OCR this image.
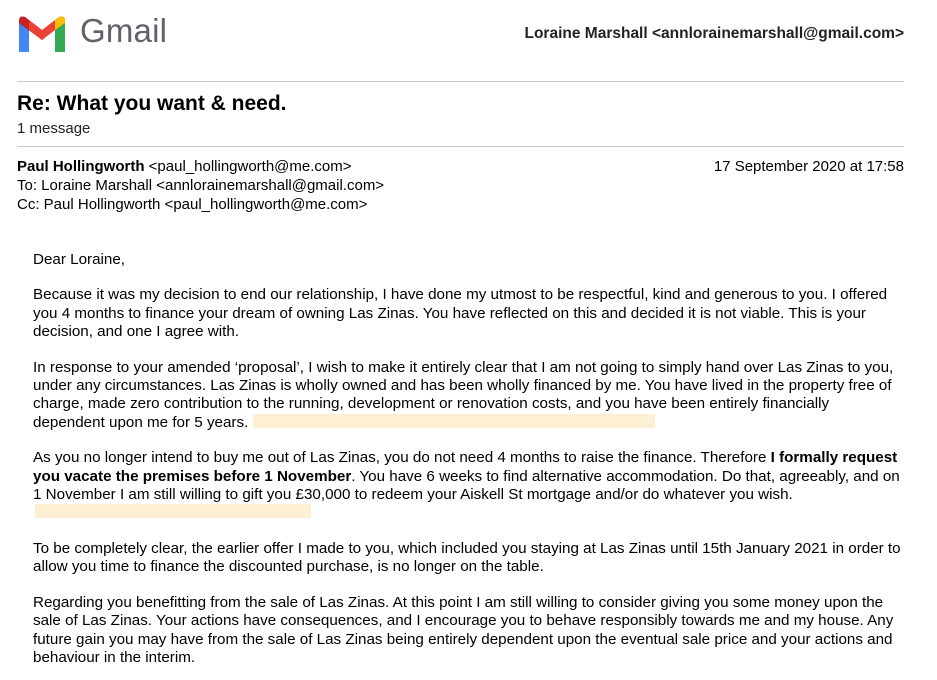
Gmail	Loraine Marshall <annlorainemarshall@gmail.com>
Re: What you want & need.
1 message
Paul Hollingworth <paul_hollingworth@me.com>
To: Loraine Marshall <annlorainemarshall@gmail.com>
Cc: Paul Hollingworth <paul_hollingworth@me.com>
17 September 2020 at 17:58

Dear Loraine,

Because it was my decision to end our relationship, I have done my utmost to be respectful, kind and generous to you. I offered you 4 months to finance your dream of owning Las Zinas. You have reflected on this and decided it is not viable. This is your decision, and one I agree with.

In response to your amended ‘proposal’, I wish to make it entirely clear that I am not going to simply hand over Las Zinas to you, under any circumstances. Las Zinas is wholly owned and has been wholly financed by me. You have lived in the property free of charge, made zero contribution to the running, development or renovation costs, and you have been entirely financially dependent upon me for 5 years.

As you no longer intend to buy me out of Las Zinas, you do not need 4 months to raise the finance. Therefore I formally request you vacate the premises before 1 November. You have 6 weeks to find alternative accommodation. Do that, agreeably, and on 1 November I am still willing to gift you £30,000 to redeem your Aiskell St mortgage and/or do whatever you wish.

To be completely clear, the earlier offer I made to you, which included you staying at Las Zinas until 15th January 2021 in order to allow you time to finance the discounted purchase, is no longer on the table.

Regarding you benefitting from the sale of Las Zinas. At this point I am still willing to consider giving you some money upon the sale of Las Zinas. Your actions have consequences, and I encourage you to behave responsibly towards me and my house. Any future gain you may have from the sale of Las Zinas being entirely dependent upon the eventual sale price and your actions and behaviour in the interim.
